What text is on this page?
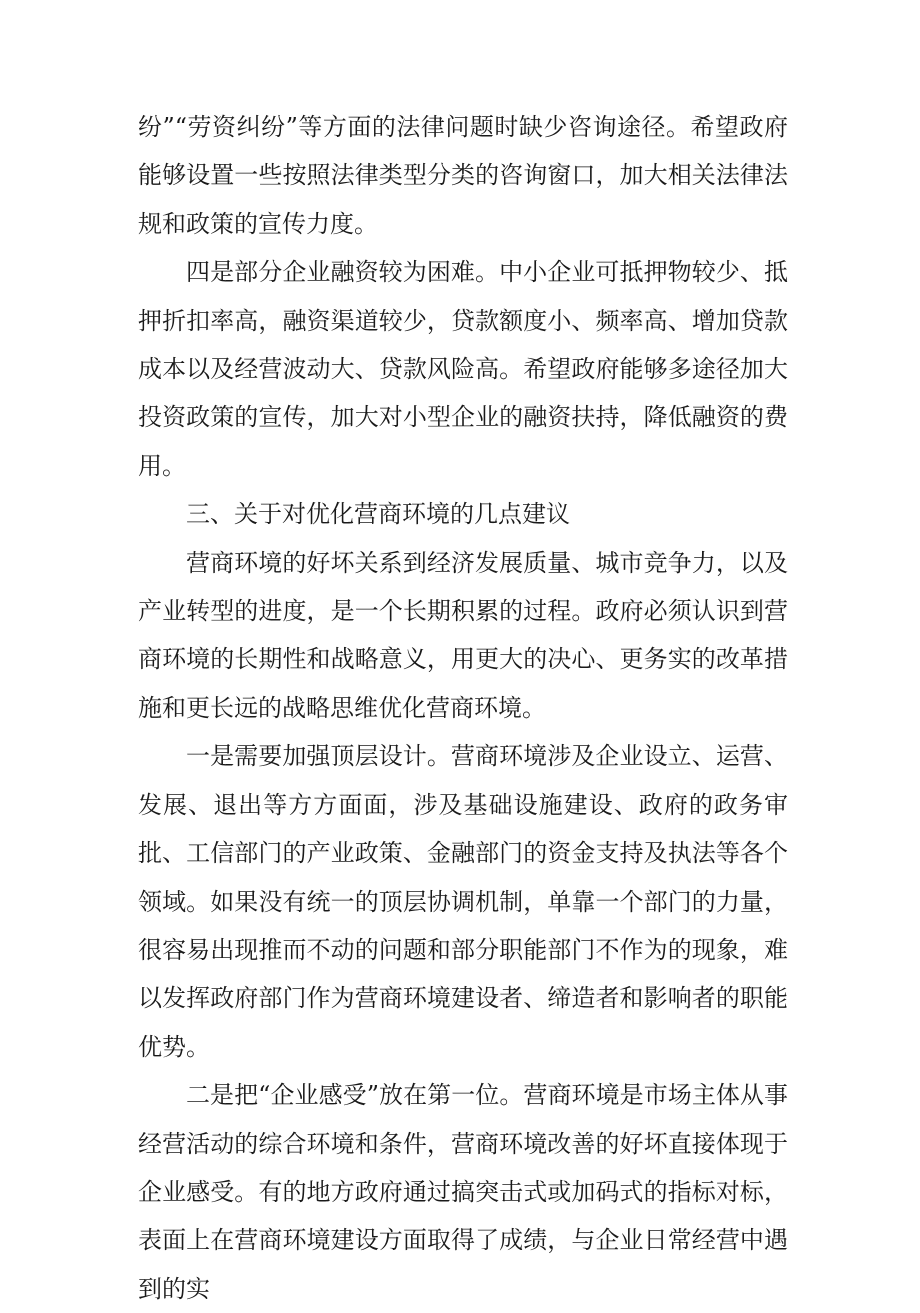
纷”“劳资纠纷”等方面的法律问题时缺少咨询途径。希望政府能够设置一些按照法律类型分类的咨询窗口，加大相关法律法规和政策的宣传力度。

四是部分企业融资较为困难。中小企业可抵押物较少、抵押折扣率高，融资渠道较少，贷款额度小、频率高、增加贷款成本以及经营波动大、贷款风险高。希望政府能够多途径加大投资政策的宣传，加大对小型企业的融资扶持，降低融资的费用。

三、关于对优化营商环境的几点建议

营商环境的好坏关系到经济发展质量、城市竞争力，以及产业转型的进度，是一个长期积累的过程。政府必须认识到营商环境的长期性和战略意义，用更大的决心、更务实的改革措施和更长远的战略思维优化营商环境。

一是需要加强顶层设计。营商环境涉及企业设立、运营、发展、退出等方方面面，涉及基础设施建设、政府的政务审批、工信部门的产业政策、金融部门的资金支持及执法等各个领域。如果没有统一的顶层协调机制，单靠一个部门的力量，很容易出现推而不动的问题和部分职能部门不作为的现象，难以发挥政府部门作为营商环境建设者、缔造者和影响者的职能优势。

二是把“企业感受”放在第一位。营商环境是市场主体从事经营活动的综合环境和条件，营商环境改善的好坏直接体现于企业感受。有的地方政府通过搞突击式或加码式的指标对标，表面上在营商环境建设方面取得了成绩，与企业日常经营中遇到的实
